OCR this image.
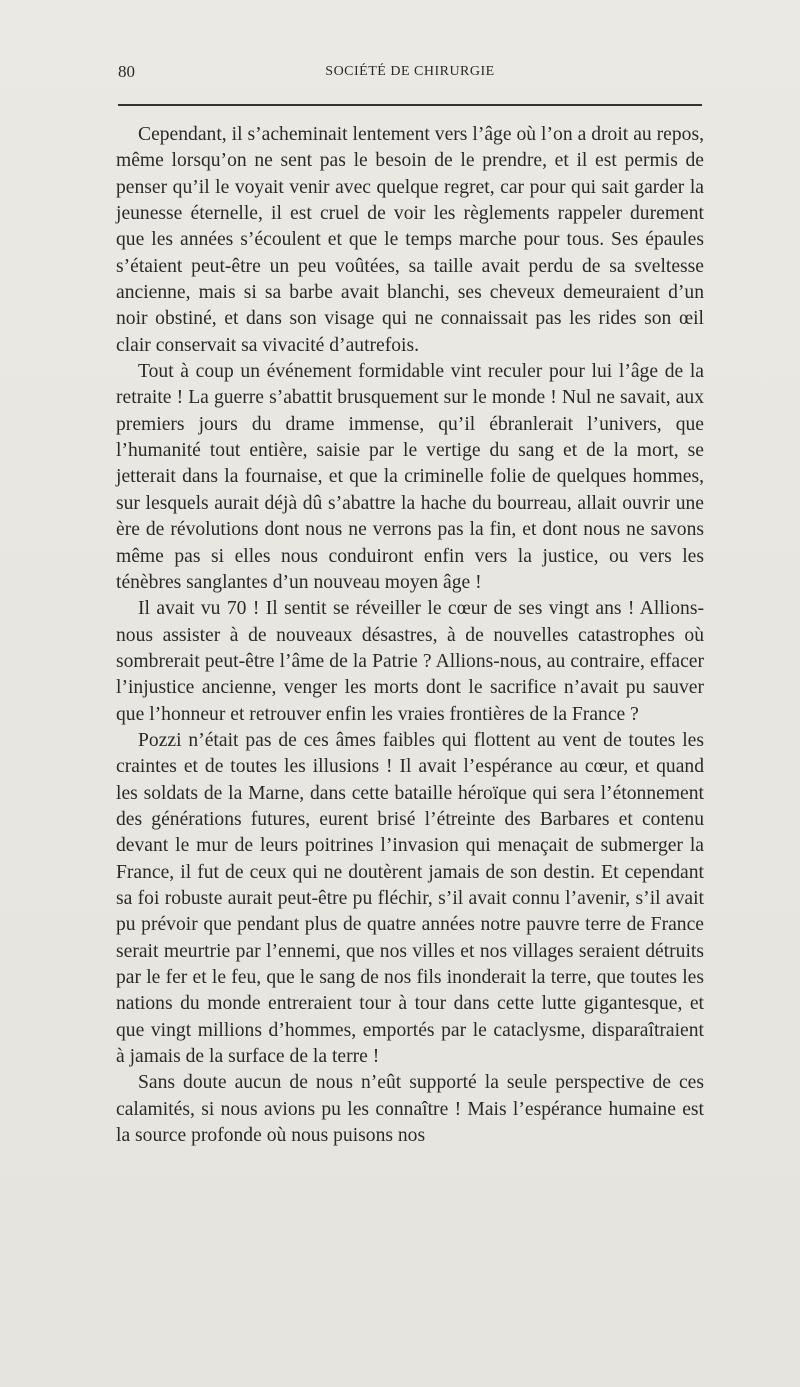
80	SOCIÉTÉ DE CHIRURGIE

Cependant, il s’acheminait lentement vers l’âge où l’on a droit au repos, même lorsqu’on ne sent pas le besoin de le prendre, et il est permis de penser qu’il le voyait venir avec quelque regret, car pour qui sait garder la jeunesse éternelle, il est cruel de voir les règlements rappeler durement que les années s’écoulent et que le temps marche pour tous. Ses épaules s’étaient peut-être un peu voûtées, sa taille avait perdu de sa sveltesse ancienne, mais si sa barbe avait blanchi, ses cheveux demeuraient d’un noir obstiné, et dans son visage qui ne connaissait pas les rides son œil clair conservait sa vivacité d’autrefois.

Tout à coup un événement formidable vint reculer pour lui l’âge de la retraite ! La guerre s’abattit brusquement sur le monde ! Nul ne savait, aux premiers jours du drame immense, qu’il ébranlerait l’univers, que l’humanité tout entière, saisie par le vertige du sang et de la mort, se jetterait dans la fournaise, et que la criminelle folie de quelques hommes, sur lesquels aurait déjà dû s’abattre la hache du bourreau, allait ouvrir une ère de révolutions dont nous ne verrons pas la fin, et dont nous ne savons même pas si elles nous conduiront enfin vers la justice, ou vers les ténèbres sanglantes d’un nouveau moyen âge !

Il avait vu 70 ! Il sentit se réveiller le cœur de ses vingt ans ! Allions-nous assister à de nouveaux désastres, à de nouvelles catastrophes où sombrerait peut-être l’âme de la Patrie ? Allions-nous, au contraire, effacer l’injustice ancienne, venger les morts dont le sacrifice n’avait pu sauver que l’honneur et retrouver enfin les vraies frontières de la France ?

Pozzi n’était pas de ces âmes faibles qui flottent au vent de toutes les craintes et de toutes les illusions ! Il avait l’espérance au cœur, et quand les soldats de la Marne, dans cette bataille héroïque qui sera l’étonnement des générations futures, eurent brisé l’étreinte des Barbares et contenu devant le mur de leurs poitrines l’invasion qui menaçait de submerger la France, il fut de ceux qui ne doutèrent jamais de son destin. Et cependant sa foi robuste aurait peut-être pu fléchir, s’il avait connu l’avenir, s’il avait pu prévoir que pendant plus de quatre années notre pauvre terre de France serait meurtrie par l’ennemi, que nos villes et nos villages seraient détruits par le fer et le feu, que le sang de nos fils inonderait la terre, que toutes les nations du monde entreraient tour à tour dans cette lutte gigantesque, et que vingt millions d’hommes, emportés par le cataclysme, disparaîtraient à jamais de la surface de la terre !

Sans doute aucun de nous n’eût supporté la seule perspective de ces calamités, si nous avions pu les connaître ! Mais l’espérance humaine est la source profonde où nous puisons nos
